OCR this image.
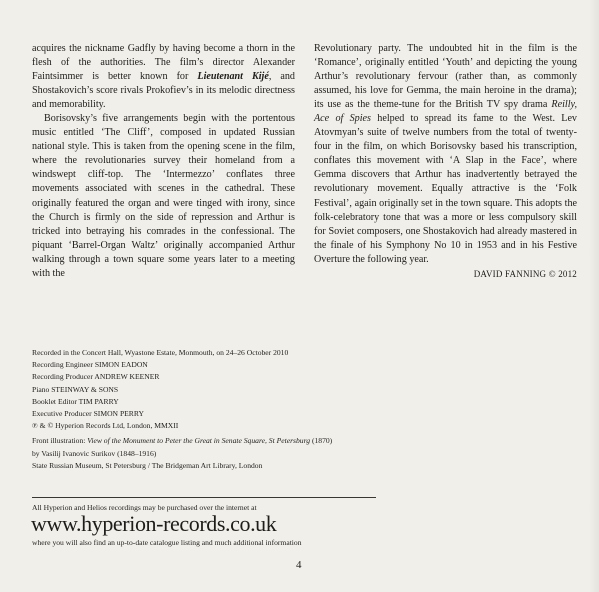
acquires the nickname Gadfly by having become a thorn in the flesh of the authorities. The film’s director Alexander Faintsimmer is better known for Lieutenant Kijé, and Shostakovich’s score rivals Prokofiev’s in its melodic directness and memorability.

Borisovsky’s five arrangements begin with the portentous music entitled ‘The Cliff’, composed in updated Russian national style. This is taken from the opening scene in the film, where the revolutionaries survey their homeland from a windswept cliff-top. The ‘Intermezzo’ conflates three movements associated with scenes in the cathedral. These originally featured the organ and were tinged with irony, since the Church is firmly on the side of repression and Arthur is tricked into betraying his comrades in the confessional. The piquant ‘Barrel-Organ Waltz’ originally accompanied Arthur walking through a town square some years later to a meeting with the

Revolutionary party. The undoubted hit in the film is the ‘Romance’, originally entitled ‘Youth’ and depicting the young Arthur’s revolutionary fervour (rather than, as commonly assumed, his love for Gemma, the main heroine in the drama); its use as the theme-tune for the British TV spy drama Reilly, Ace of Spies helped to spread its fame to the West. Lev Atovmyan’s suite of twelve numbers from the total of twenty-four in the film, on which Borisovsky based his transcription, conflates this movement with ‘A Slap in the Face’, where Gemma discovers that Arthur has inadvertently betrayed the revolutionary movement. Equally attractive is the ‘Folk Festival’, again originally set in the town square. This adopts the folk-celebratory tone that was a more or less compulsory skill for Soviet composers, one Shostakovich had already mastered in the finale of his Symphony No 10 in 1953 and in his Festive Overture the following year.

DAVID FANNING © 2012

Recorded in the Concert Hall, Wyastone Estate, Monmouth, on 24–26 October 2010
Recording Engineer SIMON EADON
Recording Producer ANDREW KEENER
Piano STEINWAY & SONS
Booklet Editor TIM PARRY
Executive Producer SIMON PERRY
℗ & © Hyperion Records Ltd, London, MMXII
Front illustration: View of the Monument to Peter the Great in Senate Square, St Petersburg (1870)
by Vasilij Ivanovic Surikov (1848–1916)
State Russian Museum, St Petersburg / The Bridgeman Art Library, London
All Hyperion and Helios recordings may be purchased over the internet at
www.hyperion-records.co.uk
where you will also find an up-to-date catalogue listing and much additional information
4
